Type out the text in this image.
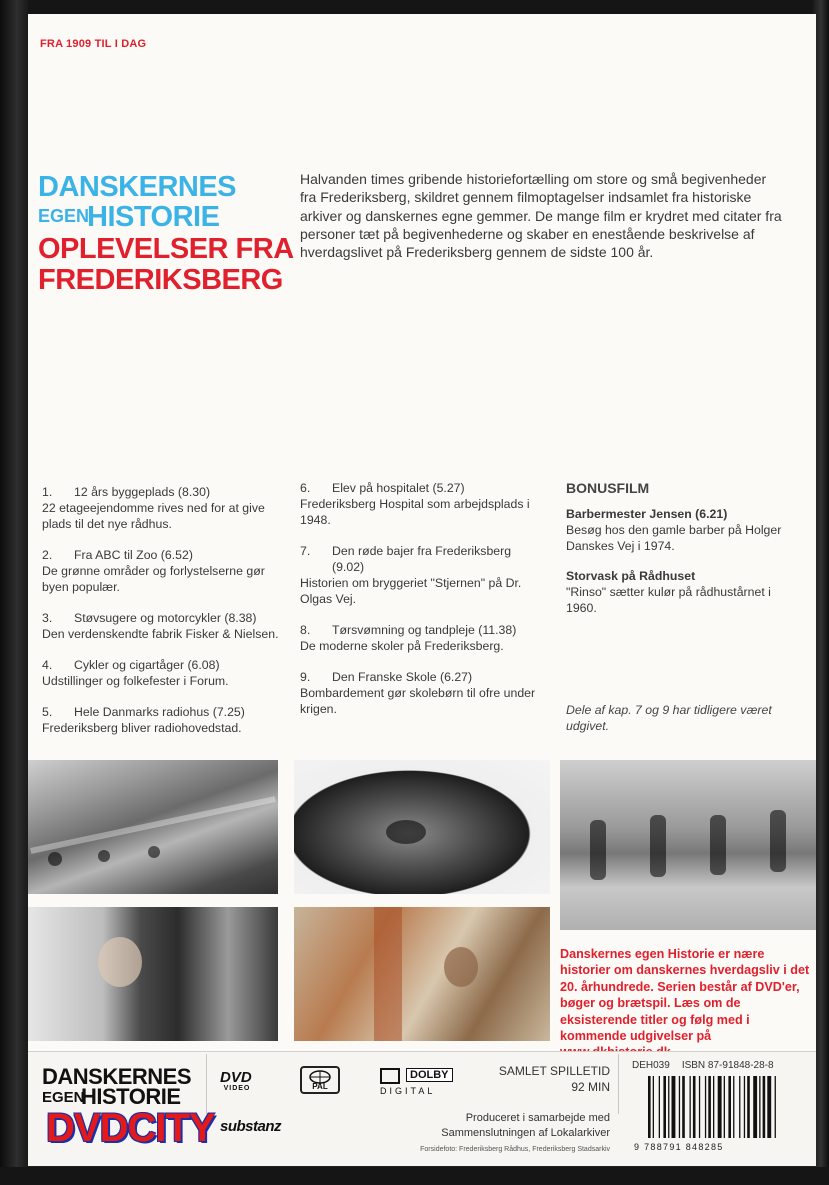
FRA 1909 TIL I DAG
DANSKERNES
EGEN
HISTORIE
OPLEVELSER FRA
FREDERIKSBERG
Halvanden times gribende historiefortælling om store og små begivenheder fra Frederiksberg, skildret gennem filmoptagelser indsamlet fra historiske arkiver og danskernes egne gemmer. De mange film er krydret med citater fra personer tæt på begivenhederne og skaber en enestående beskrivelse af hverdagslivet på Frederiksberg gennem de sidste 100 år.
1.	12 års byggeplads (8.30)
22 etageejendomme rives ned for at give plads til det nye rådhus.
2.	Fra ABC til Zoo (6.52)
De grønne områder og forlystelserne gør byen populær.
3.	Støvsugere og motorcykler (8.38)
Den verdenskendte fabrik Fisker & Nielsen.
4.	Cykler og cigartåger (6.08)
Udstillinger og folkefester i Forum.
5.	Hele Danmarks radiohus (7.25)
Frederiksberg bliver radiohovedstad.
6.	Elev på hospitalet (5.27)
Frederiksberg Hospital som arbejdsplads i 1948.
7.	Den røde bajer fra Frederiksberg (9.02)
Historien om bryggeriet "Stjernen" på Dr. Olgas Vej.
8.	Tørsvømning og tandpleje (11.38)
De moderne skoler på Frederiksberg.
9.	Den Franske Skole (6.27)
Bombardement gør skolebørn til ofre under krigen.
BONUSFILM
Barbermester Jensen (6.21)
Besøg hos den gamle barber på Holger Danskes Vej i 1974.
Storvask på Rådhuset
"Rinso" sætter kulør på rådhustårnet i 1960.
Dele af kap. 7 og 9 har tidligere været udgivet.
Danskernes egen Historie er nære historier om danskernes hverdagsliv i det 20. århundrede. Serien består af DVD'er, bøger og brætspil. Læs om de eksisterende titler og følg med i kommende udgivelser på
DANSKERNES
EGEN
HISTORIE
DVD
VIDEO	PAL
DOLBY
DIGITAL
SAMLET SPILLETID
92 MIN
Produceret i samarbejde med
Sammenslutningen af Lokalarkiver
Forsidefoto: Frederiksberg Rådhus, Frederiksberg Stadsarkiv
substanz
DVDCITY
DEH039 ISBN 87-91848-28-8
9 788791 848285
